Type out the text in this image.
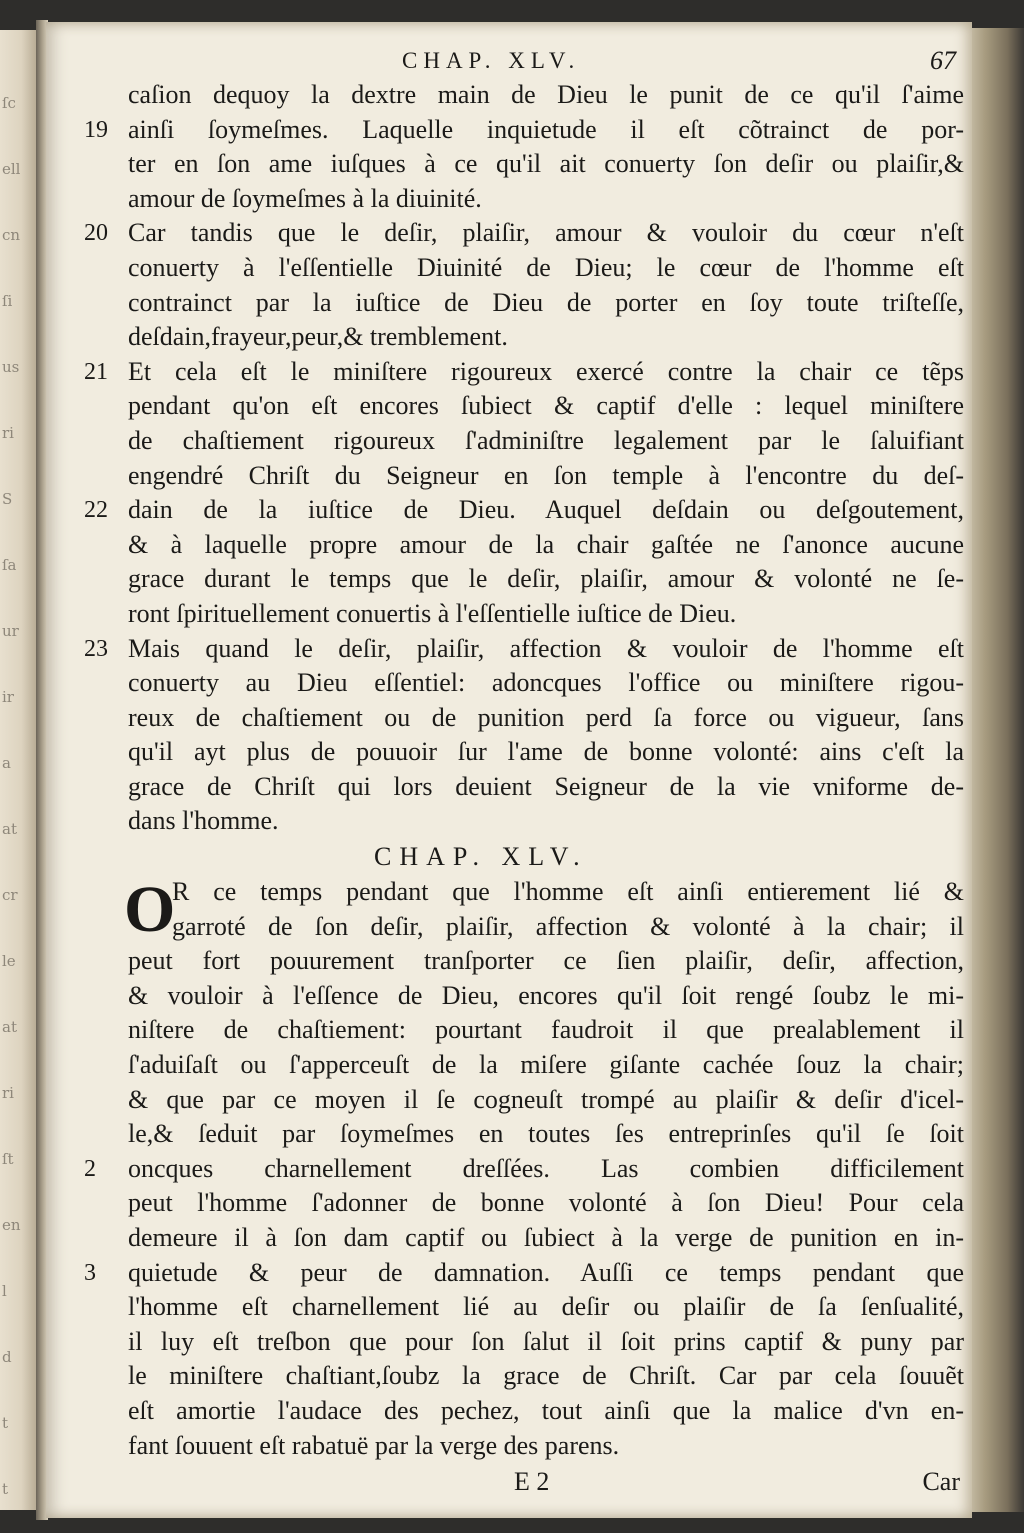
ſc
ell
cn
ſi
us
ri
S
ſa
ur
ir
a
at
cr
le
at
ri
ſt
en
l
d
t
t
CHAP. XLV.	67
caſion dequoy la dextre main de Dieu le punit de ce qu'il ſ'aime
19 ainſi ſoymeſmes. Laquelle inquietude il eſt cõtrainct de por-
ter en ſon ame iuſques à ce qu'il ait conuerty ſon deſir ou plaiſir,&
amour de ſoymeſmes à la diuinité.
20 Car tandis que le deſir, plaiſir, amour & vouloir du cœur n'eſt
conuerty à l'eſſentielle Diuinité de Dieu; le cœur de l'homme eſt
contrainct par la iuſtice de Dieu de porter en ſoy toute triſteſſe,
deſdain,frayeur,peur,& tremblement.
21 Et cela eſt le miniſtere rigoureux exercé contre la chair ce tẽps
pendant qu'on eſt encores ſubiect & captif d'elle : lequel miniſtere
de chaſtiement rigoureux ſ'adminiſtre legalement par le ſaluifiant
engendré Chriſt du Seigneur en ſon temple à l'encontre du deſ-
22 dain de la iuſtice de Dieu. Auquel deſdain ou deſgoutement,
& à laquelle propre amour de la chair gaſtée ne ſ'anonce aucune
grace durant le temps que le deſir, plaiſir, amour & volonté ne ſe-
ront ſpirituellement conuertis à l'eſſentielle iuſtice de Dieu.
23 Mais quand le deſir, plaiſir, affection & vouloir de l'homme eſt
conuerty au Dieu eſſentiel: adoncques l'office ou miniſtere rigou-
reux de chaſtiement ou de punition perd ſa force ou vigueur, ſans
qu'il ayt plus de pouuoir ſur l'ame de bonne volonté: ains c'eſt la
grace de Chriſt qui lors deuient Seigneur de la vie vniforme de-
dans l'homme.
CHAP. XLV.
O
R ce temps pendant que l'homme eſt ainſi entierement lié &
garroté de ſon deſir, plaiſir, affection & volonté à la chair; il
peut fort pouurement tranſporter ce ſien plaiſir, deſir, affection,
& vouloir à l'eſſence de Dieu, encores qu'il ſoit rengé ſoubz le mi-
niſtere de chaſtiement: pourtant faudroit il que prealablement il
ſ'aduiſaſt ou ſ'apperceuſt de la miſere giſante cachée ſouz la chair;
& que par ce moyen il ſe cogneuſt trompé au plaiſir & deſir d'icel-
le,& ſeduit par ſoymeſmes en toutes ſes entreprinſes qu'il ſe ſoit
2	oncques charnellement dreſſées. Las combien difficilement
peut l'homme ſ'adonner de bonne volonté à ſon Dieu! Pour cela
demeure il à ſon dam captif ou ſubiect à la verge de punition en in-
3	quietude & peur de damnation. Auſſi ce temps pendant que
l'homme eſt charnellement lié au deſir ou plaiſir de ſa ſenſualité,
il luy eſt treſbon que pour ſon ſalut il ſoit prins captif & puny par
le miniſtere chaſtiant,ſoubz la grace de Chriſt. Car par cela ſouuẽt
eſt amortie l'audace des pechez, tout ainſi que la malice d'vn en-
fant ſouuent eſt rabatuë par la verge des parens.
E 2	Car
